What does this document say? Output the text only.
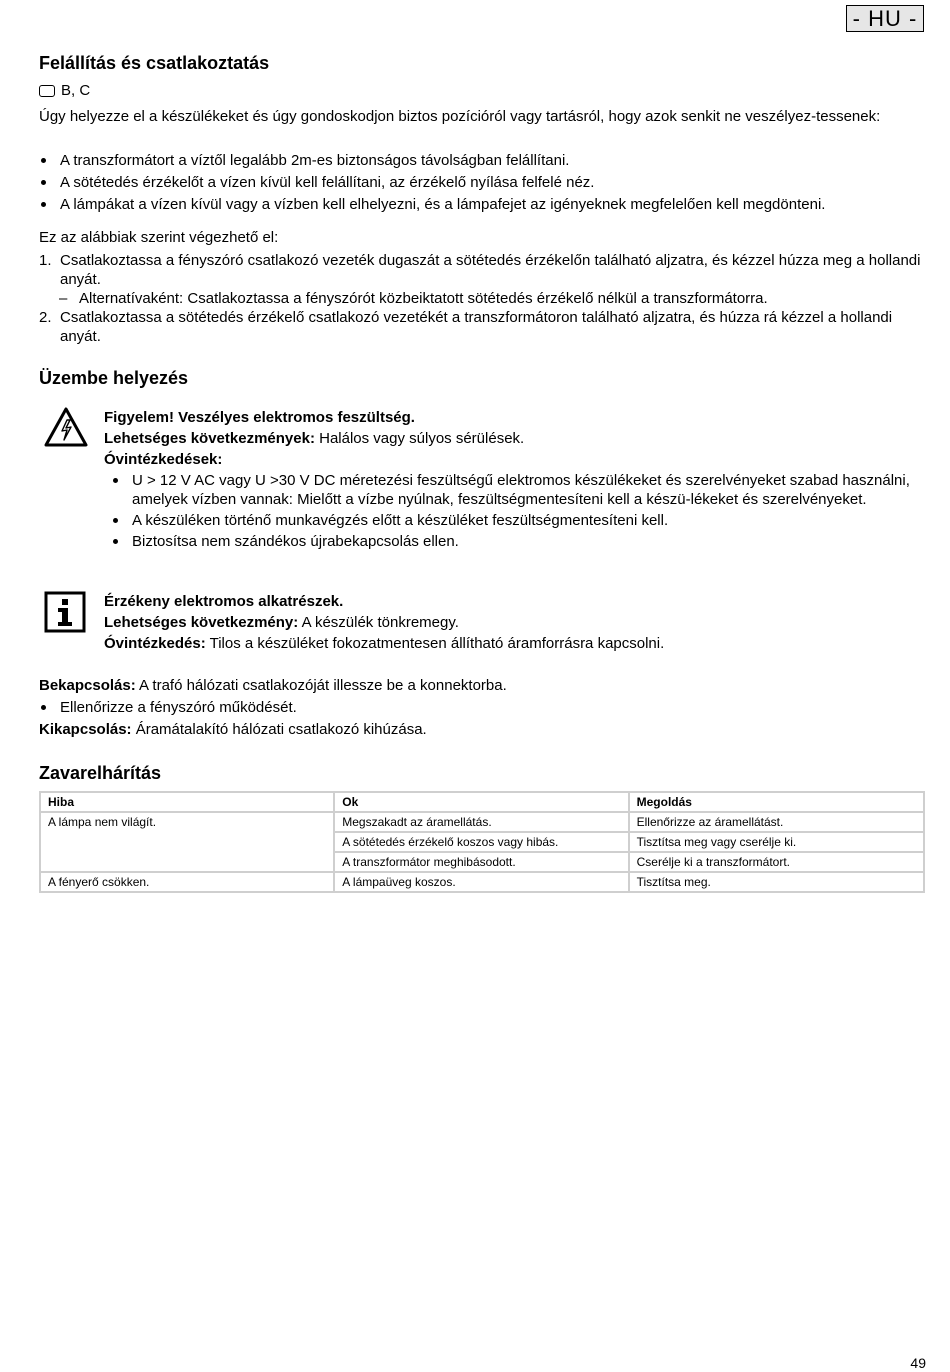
- HU -
Felállítás és csatlakoztatás
B, C

Úgy helyezze el a készülékeket és úgy gondoskodjon biztos pozícióról vagy tartásról, hogy azok senkit ne veszélyez-tessenek:

A transzformátort a víztől legalább 2m-es biztonságos távolságban felállítani.
A sötétedés érzékelőt a vízen kívül kell felállítani, az érzékelő nyílása felfelé néz.
A lámpákat a vízen kívül vagy a vízben kell elhelyezni, és a lámpafejet az igényeknek megfelelően kell megdönteni.

Ez az alábbiak szerint végezhető el:

1. Csatlakoztassa a fényszóró csatlakozó vezeték dugaszát a sötétedés érzékelőn található aljzatra, és kézzel húzza meg a hollandi anyát.
– Alternatívaként: Csatlakoztassa a fényszórót közbeiktatott sötétedés érzékelő nélkül a transzformátorra.
2. Csatlakoztassa a sötétedés érzékelő csatlakozó vezetékét a transzformátoron található aljzatra, és húzza rá kézzel a hollandi anyát.
Üzembe helyezés

Figyelem! Veszélyes elektromos feszültség.

Lehetséges következmények: Halálos vagy súlyos sérülések.

Óvintézkedések:

U > 12 V AC vagy U >30 V DC méretezési feszültségű elektromos készülékeket és szerelvényeket szabad használni, amelyek vízben vannak: Mielőtt a vízbe nyúlnak, feszültségmentesíteni kell a készü-lékeket és szerelvényeket.
A készüléken történő munkavégzés előtt a készüléket feszültségmentesíteni kell.
Biztosítsa nem szándékos újrabekapcsolás ellen.

Érzékeny elektromos alkatrészek.

Lehetséges következmény: A készülék tönkremegy.

Óvintézkedés: Tilos a készüléket fokozatmentesen állítható áramforrásra kapcsolni.

Bekapcsolás: A trafó hálózati csatlakozóját illessze be a konnektorba.

Ellenőrizze a fényszóró működését.

Kikapcsolás: Áramátalakító hálózati csatlakozó kihúzása.

Zavarelhárítás
Hiba	Ok	Megoldás
A lámpa nem világít.	Megszakadt az áramellátás.	Ellenőrizze az áramellátást.
	A sötétedés érzékelő koszos vagy hibás.	Tisztítsa meg vagy cserélje ki.
	A transzformátor meghibásodott.	Cserélje ki a transzformátort.
A fényerő csökken.	A lámpaüveg koszos.	Tisztítsa meg.
49
